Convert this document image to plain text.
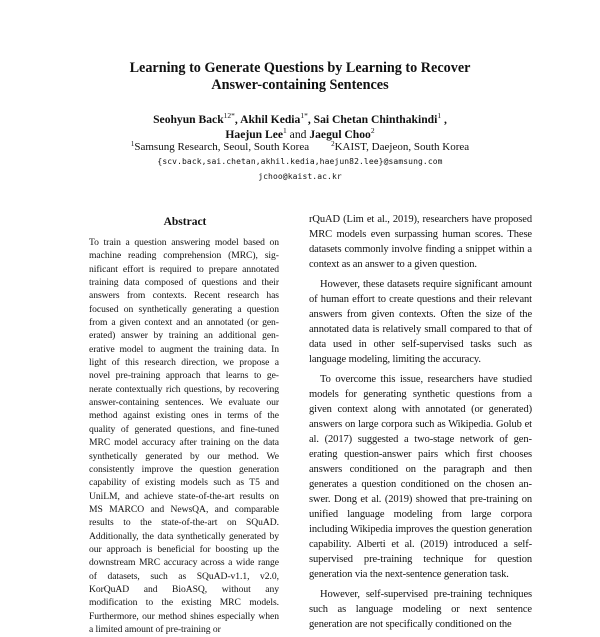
Learning to Generate Questions by Learning to Recover
Answer-containing Sentences
Seohyun Back$^{12*}$, Akhil Kedia$^{1*}$, Sai Chetan Chinthakindi$^1$ ,
Haejun Lee$^1$ and Jaegul Choo$^2$
$^1$Samsung Research, Seoul, South Korea	$^2$KAIST, Daejeon, South Korea
{scv.back,sai.chetan,akhil.kedia,haejun82.lee}@samsung.com
jchoo@kaist.ac.kr
Abstract
To train a question answering model based on machine reading comprehension (MRC), significant effort is required to prepare annotated training data composed of questions and their answers from contexts. Recent research has focused on synthetically generating a question from a given context and an annotated (or generated) answer by training an additional generative model to augment the training data. In light of this research direction, we propose a novel pre-training approach that learns to generate contextually rich questions, by recovering answer-containing sentences. We evaluate our method against existing ones in terms of the quality of generated questions, and fine-tuned MRC model accuracy after training on the data synthetically generated by our method. We consistently improve the question generation capability of existing models such as T5 and UniLM, and achieve state-of-the-art results on MS MARCO and NewsQA, and comparable results to the state-of-the-art on SQuAD. Additionally, the data synthetically generated by our approach is beneficial for boosting up the downstream MRC accuracy across a wide range of datasets, such as SQuAD-v1.1, v2.0, KorQuAD and BioASQ, without any modification to the existing MRC models. Furthermore, our method shines especially when a limited amount of pre-training or

rQuAD (Lim et al., 2019), researchers have proposed MRC models even surpassing human scores. These datasets commonly involve finding a snippet within a context as an answer to a given question.

However, these datasets require significant amount of human effort to create questions and their relevant answers from given contexts. Often the size of the annotated data is relatively small compared to that of data used in other self-supervised tasks such as language modeling, limiting the accuracy.

To overcome this issue, researchers have studied models for generating synthetic questions from a given context along with annotated (or generated) answers on large corpora such as Wikipedia. Golub et al. (2017) suggested a two-stage network of generating question-answer pairs which first chooses answers conditioned on the paragraph and then generates a question conditioned on the chosen answer. Dong et al. (2019) showed that pre-training on unified language modeling from large corpora including Wikipedia improves the question generation capability. Alberti et al. (2019) introduced a self-supervised pre-training technique for question generation via the next-sentence generation task.

However, self-supervised pre-training techniques such as language modeling or next sentence generation are not specifically conditioned on the
